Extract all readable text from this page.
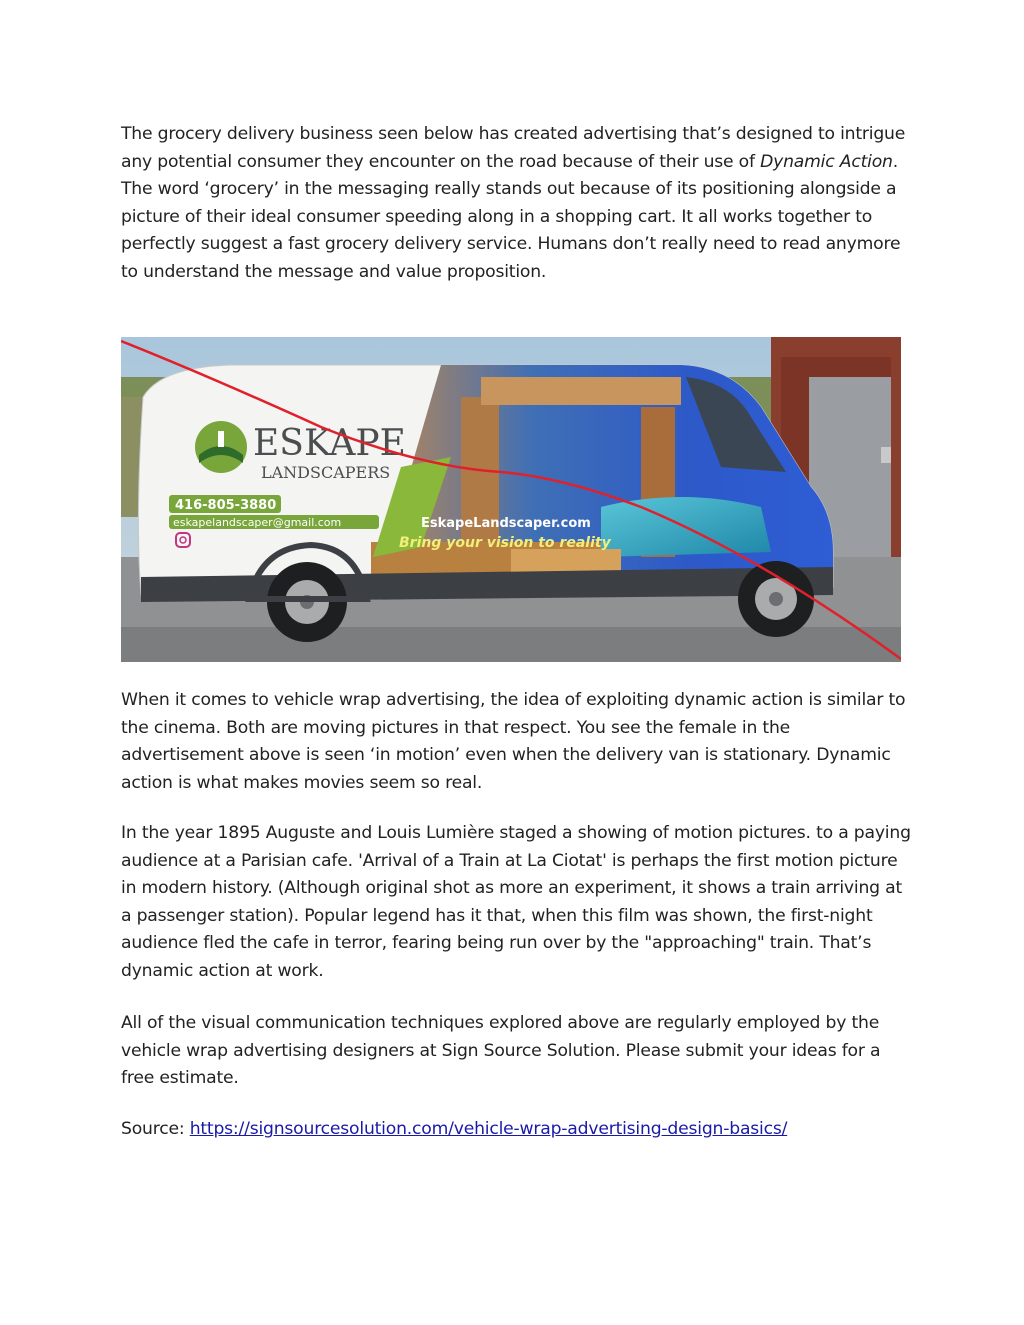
The grocery delivery business seen below has created advertising that’s designed to intrigue any potential consumer they encounter on the road because of their use of Dynamic Action. The word ‘grocery’ in the messaging really stands out because of its positioning alongside a picture of their ideal consumer speeding along in a shopping cart. It all works together to perfectly suggest a fast grocery delivery service. Humans don’t really need to read anymore to understand the message and value proposition.

ESKAPE
LANDSCAPERS
416-805-3880
eskapelandscaper@gmail.com	EskapeLandscaper.com
Bring your vision to reality

When it comes to vehicle wrap advertising, the idea of exploiting dynamic action is similar to the cinema. Both are moving pictures in that respect. You see the female in the advertisement above is seen ‘in motion’ even when the delivery van is stationary. Dynamic action is what makes movies seem so real.

In the year 1895 Auguste and Louis Lumière staged a showing of motion pictures. to a paying audience at a Parisian cafe. 'Arrival of a Train at La Ciotat' is perhaps the first motion picture in modern history. (Although original shot as more an experiment, it shows a train arriving at a passenger station). Popular legend has it that, when this film was shown, the first-night audience fled the cafe in terror, fearing being run over by the "approaching" train. That’s dynamic action at work.

All of the visual communication techniques explored above are regularly employed by the vehicle wrap advertising designers at Sign Source Solution. Please submit your ideas for a free estimate.

Source: https://signsourcesolution.com/vehicle-wrap-advertising-design-basics/
